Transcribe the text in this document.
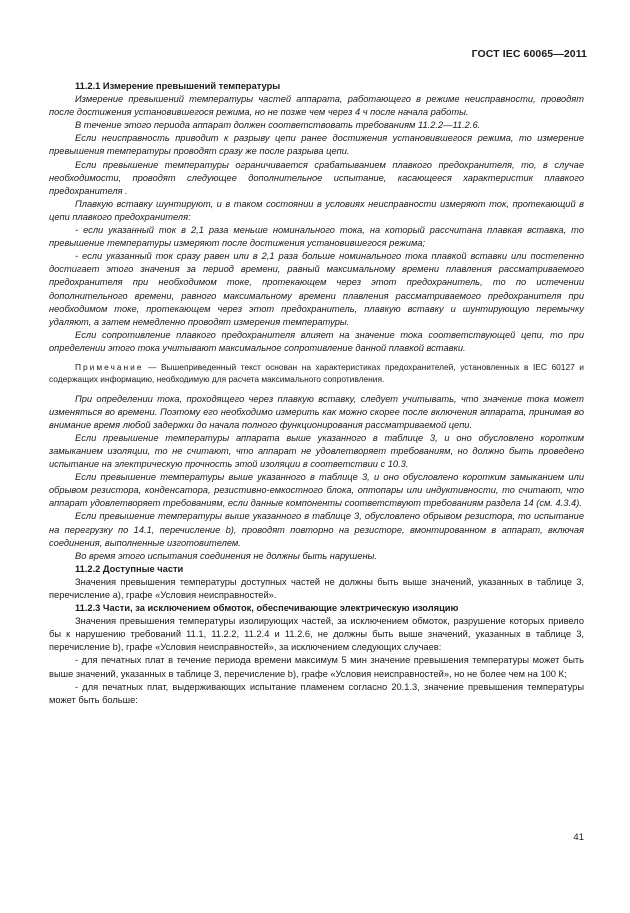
ГОСТ IEC 60065—2011

11.2.1 Измерение превышений температуры

Измерение превышений температуры частей аппарата, работающего в режиме неисправности, проводят после достижения установившегося режима, но не позже чем через 4 ч после начала работы.

В течение этого периода аппарат должен соответствовать требованиям 11.2.2—11.2.6.

Если неисправность приводит к разрыву цепи ранее достижения установившегося режима, то измерение превышения температуры проводят сразу же после разрыва цепи.

Если превышение температуры ограничивается срабатыванием плавкого предохранителя, то, в случае необходимости, проводят следующее дополнительное испытание, касающееся характеристик плавкого предохранителя .

Плавкую вставку шунтируют, и в таком состоянии в условиях неисправности измеряют ток, протекающий в цепи плавкого предохранителя:

- если указанный ток в 2,1 раза меньше номинального тока, на который рассчитана плавкая вставка, то превышение температуры измеряют после достижения установившегося режима;

- если указанный ток сразу равен или в 2,1 раза больше номинального тока плавкой вставки или постепенно достигает этого значения за период времени, равный максимальному времени плавления рассматриваемого предохранителя при необходимом токе, протекающем через этот предохранитель, то по истечении дополнительного времени, равного максимальному времени плавления рассматриваемого предохранителя при необходимом токе, протекающем через этот предохранитель, плавкую вставку и шунтирующую перемычку удаляют, а затем немедленно проводят измерения температуры.

Если сопротивление плавкого предохранителя влияет на значение тока соответствующей цепи, то при определении этого тока учитывают максимальное сопротивление данной плавкой вставки.

Примечание — Вышеприведенный текст основан на характеристиках предохранителей, установленных в IEC 60127 и содержащих информацию, необходимую для расчета максимального сопротивления.

При определении тока, проходящего через плавкую вставку, следует учитывать, что значение тока может изменяться во времени. Поэтому его необходимо измерить как можно скорее после включения аппарата, принимая во внимание время любой задержки до начала полного функционирования рассматриваемой цепи.

Если превышение температуры аппарата выше указанного в таблице 3, и оно обусловлено коротким замыканием изоляции, то не считают, что аппарат не удовлетворяет требованиям, но должно быть проведено испытание на электрическую прочность этой изоляции в соответствии с 10.3.

Если превышение температуры выше указанного в таблице 3, и оно обусловлено коротким замыканием или обрывом резистора, конденсатора, резистивно-емкостного блока, оптопары или индуктивности, то считают, что аппарат удовлетворяет требованиям, если данные компоненты соответствуют требованиям раздела 14 (см. 4.3.4).

Если превышение температуры выше указанного в таблице 3, обусловлено обрывом резистора, то испытание на перегрузку по 14.1, перечисление b), проводят повторно на резисторе, вмонтированном в аппарат, включая соединения, выполненные изготовителем.

Во время этого испытания соединения не должны быть нарушены.

11.2.2 Доступные части

Значения превышения температуры доступных частей не должны быть выше значений, указанных в таблице 3, перечисление а), графе «Условия неисправностей».

11.2.3 Части, за исключением обмоток, обеспечивающие электрическую изоляцию

Значения превышения температуры изолирующих частей, за исключением обмоток, разрушение которых привело бы к нарушению требований 11.1, 11.2.2, 11.2.4 и 11.2.6, не должны быть выше значений, указанных в таблице 3, перечисление b), графе «Условия неисправностей», за исключением следующих случаев:

- для печатных плат в течение периода времени максимум 5 мин значение превышения температуры может быть выше значений, указанных в таблице 3, перечисление b), графе «Условия неисправностей», но не более чем на 100 К;

- для печатных плат, выдерживающих испытание пламенем согласно 20.1.3, значение превышения температуры может быть больше:

41
